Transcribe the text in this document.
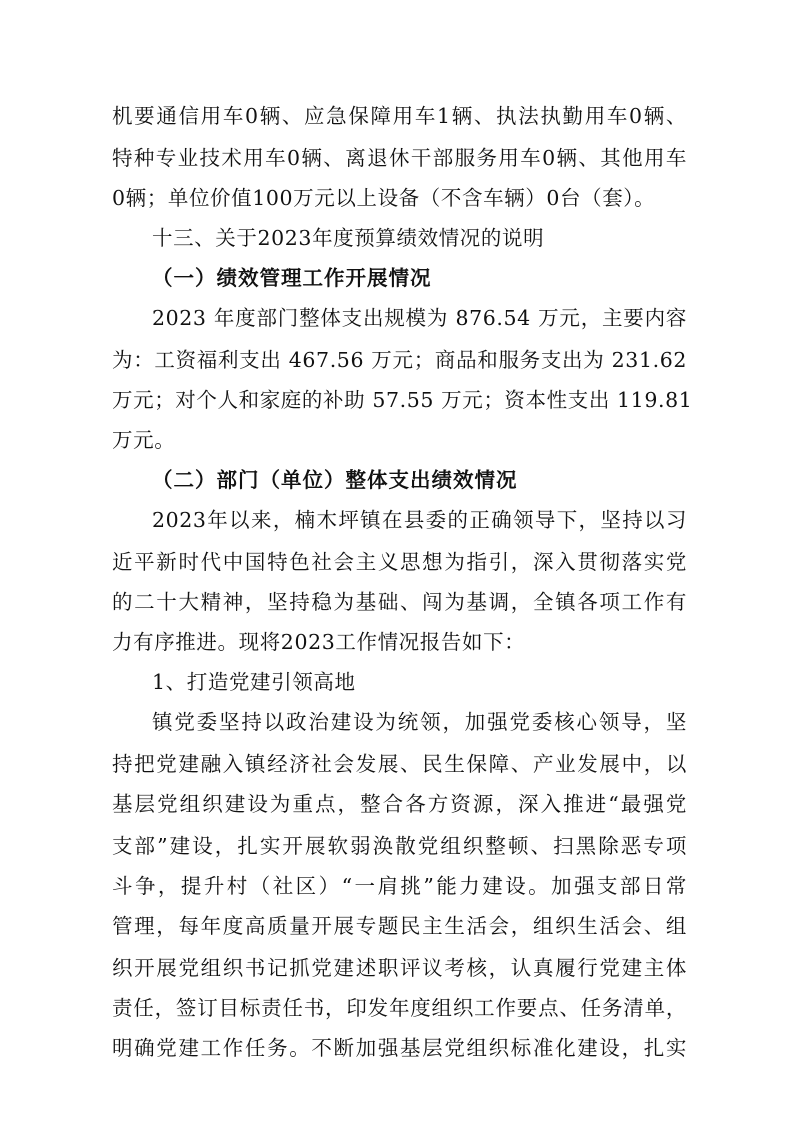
机要通信用车0辆、应急保障用车1辆、执法执勤用车0辆、
特种专业技术用车0辆、离退休干部服务用车0辆、其他用车
0辆；单位价值100万元以上设备（不含车辆）0台（套）。
十三、关于2023年度预算绩效情况的说明
（一）绩效管理工作开展情况
2023 年度部门整体支出规模为 876.54 万元，主要内容
为：工资福利支出 467.56 万元；商品和服务支出为 231.62
万元；对个人和家庭的补助 57.55 万元；资本性支出 119.81
万元。
（二）部门（单位）整体支出绩效情况
2023年以来，楠木坪镇在县委的正确领导下，坚持以习
近平新时代中国特色社会主义思想为指引，深入贯彻落实党
的二十大精神，坚持稳为基础、闯为基调，全镇各项工作有
力有序推进。现将2023工作情况报告如下：
1、打造党建引领高地
镇党委坚持以政治建设为统领，加强党委核心领导，坚
持把党建融入镇经济社会发展、民生保障、产业发展中，以
基层党组织建设为重点，整合各方资源，深入推进“最强党
支部”建设，扎实开展软弱涣散党组织整顿、扫黑除恶专项
斗争，提升村（社区）“一肩挑”能力建设。加强支部日常
管理，每年度高质量开展专题民主生活会，组织生活会、组
织开展党组织书记抓党建述职评议考核，认真履行党建主体
责任，签订目标责任书，印发年度组织工作要点、任务清单，
明确党建工作任务。不断加强基层党组织标准化建设，扎实
